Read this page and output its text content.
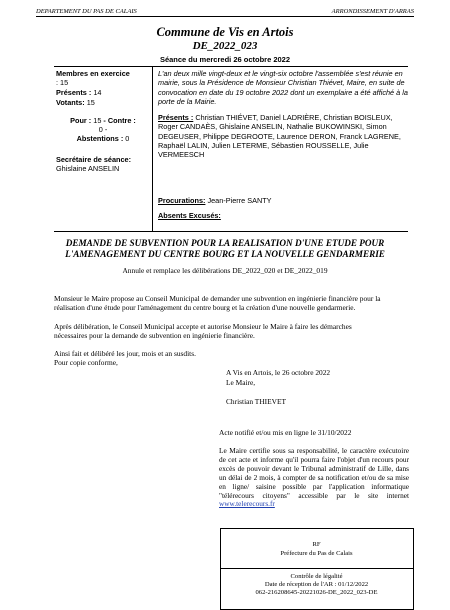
DEPARTEMENT DU PAS DE CALAIS	ARRONDISSEMENT D'ARRAS
Commune de Vis en Artois
DE_2022_023
Séance du mercredi 26 octobre 2022
Membres en exercice
: 15
Présents : 14
Votants: 15
Pour : 15 - Contre :
0 -
Abstentions : 0
Secrétaire de séance:
Ghislaine ANSELIN
L'an deux mille vingt-deux et le vingt-six octobre l'assemblée s'est réunie en mairie, sous la Présidence de Monsieur Christian Thiévet, Maire, en suite de convocation en date du 19 octobre 2022 dont un exemplaire a été affiché à la porte de la Mairie.
Présents : Christian THIÉVET, Daniel LADRIÈRE, Christian BOISLEUX, Roger CANDAÈS, Ghislaine ANSELIN, Nathalie BUKOWINSKI, Simon DEGEUSER, Philippe DEGROOTE, Laurence DERON, Franck LAGRENE, Raphaël LALIN, Julien LETERME, Sébastien ROUSSELLE, Julie VERMEESCH
Procurations: Jean-Pierre SANTY
Absents Excusés:
DEMANDE DE SUBVENTION POUR LA REALISATION D'UNE ETUDE POUR
L'AMENAGEMENT DU CENTRE BOURG ET LA NOUVELLE GENDARMERIE
Annule et remplace les délibérations DE_2022_020 et DE_2022_019
Monsieur le Maire propose au Conseil Municipal de demander une subvention en ingénierie financière pour la réalisation d'une étude pour l'aménagement du centre bourg et la création d'une nouvelle gendarmerie.
Après délibération, le Conseil Municipal accepte et autorise Monsieur le Maire à faire les démarches nécessaires pour la demande de subvention en ingénierie financière.
Ainsi fait et délibéré les jour, mois et an susdits.
Pour copie conforme,
A Vis en Artois, le 26 octobre 2022
Le Maire,
Christian THIEVET
Acte notifié et/ou mis en ligne le 31/10/2022
Le Maire certifie sous sa responsabilité, le caractère exécutoire de cet acte et informe qu'il pourra faire l'objet d'un recours pour excès de pouvoir devant le Tribunal administratif de Lille, dans un délai de 2 mois, à compter de sa notification et/ou de sa mise en ligne/ saisine possible par l'application informatique "télérecours citoyens" accessible par le site internet www.telerecours.fr
RF
Préfecture du Pas de Calais
Contrôle de légalité
Date de réception de l'AR : 01/12/2022
062-216208645-20221026-DE_2022_023-DE
